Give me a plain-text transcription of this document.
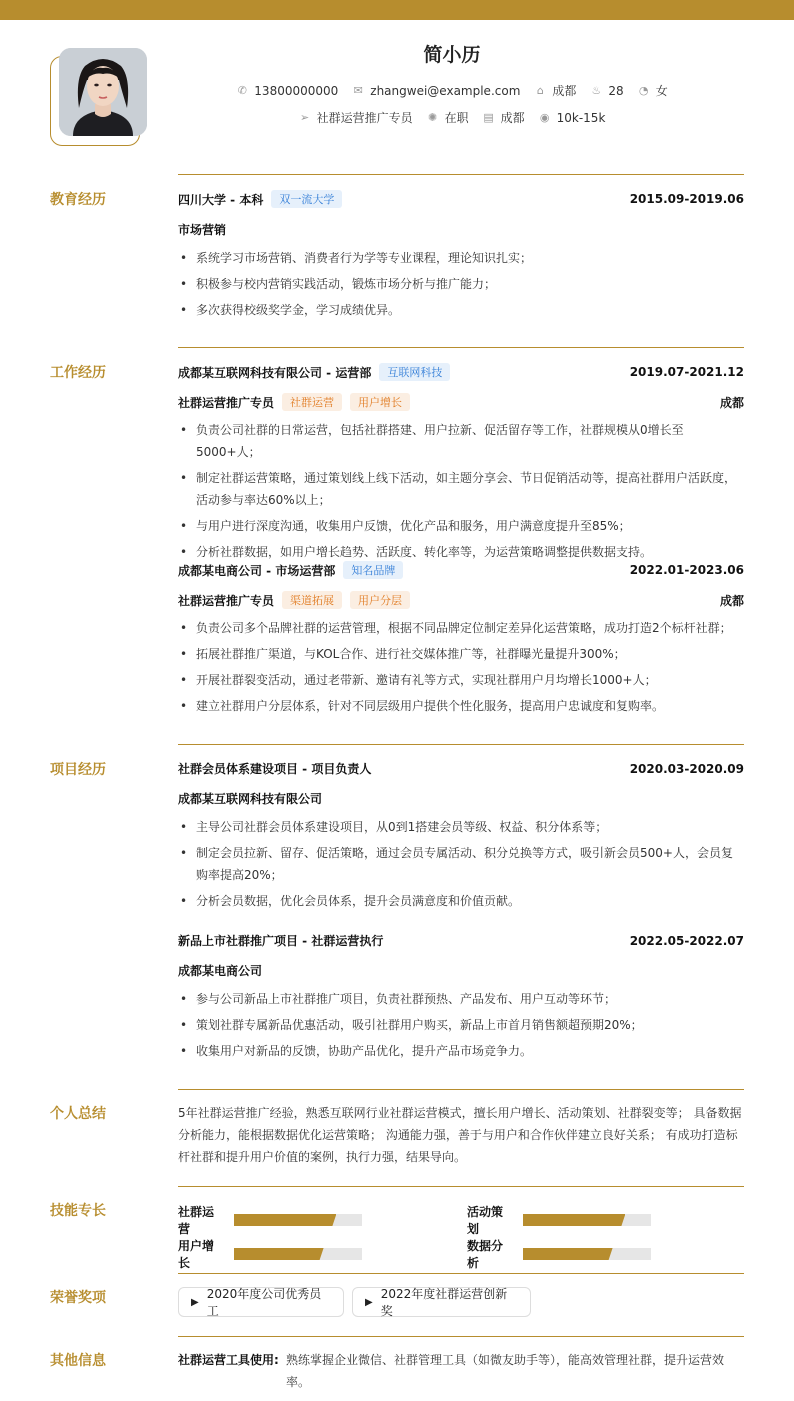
简小历
✆ 13800000000 ✉ zhangwei@example.com ⌂ 成都 ♨ 28 ◔ 女
➢ 社群运营推广专员 ✺ 在职 ▤ 成都 ◉ 10k-15k
教育经历	四川大学 - 本科	双一流大学	2015.09-2019.06
市场营销
• 系统学习市场营销、消费者行为学等专业课程，理论知识扎实；
• 积极参与校内营销实践活动，锻炼市场分析与推广能力；
• 多次获得校级奖学金，学习成绩优异。
工作经历	成都某互联网科技有限公司 - 运营部	互联网科技	2019.07-2021.12
社群运营推广专员	社群运营	用户增长	成都
• 负责公司社群的日常运营，包括社群搭建、用户拉新、促活留存等工作，社群规模从0增长至5000+人；
• 制定社群运营策略，通过策划线上线下活动，如主题分享会、节日促销活动等，提高社群用户活跃度，活动参与率达60%以上；
• 与用户进行深度沟通，收集用户反馈，优化产品和服务，用户满意度提升至85%；
• 分析社群数据，如用户增长趋势、活跃度、转化率等，为运营策略调整提供数据支持。
成都某电商公司 - 市场运营部	知名品牌	2022.01-2023.06
社群运营推广专员	渠道拓展	用户分层	成都
• 负责公司多个品牌社群的运营管理，根据不同品牌定位制定差异化运营策略，成功打造2个标杆社群；
• 拓展社群推广渠道，与KOL合作、进行社交媒体推广等，社群曝光量提升300%；
• 开展社群裂变活动，通过老带新、邀请有礼等方式，实现社群用户月均增长1000+人；
• 建立社群用户分层体系，针对不同层级用户提供个性化服务，提高用户忠诚度和复购率。
项目经历	社群会员体系建设项目 - 项目负责人	2020.03-2020.09
成都某互联网科技有限公司
• 主导公司社群会员体系建设项目，从0到1搭建会员等级、权益、积分体系等；
• 制定会员拉新、留存、促活策略，通过会员专属活动、积分兑换等方式，吸引新会员500+人，会员复购率提高20%；
• 分析会员数据，优化会员体系，提升会员满意度和价值贡献。
新品上市社群推广项目 - 社群运营执行	2022.05-2022.07
成都某电商公司
• 参与公司新品上市社群推广项目，负责社群预热、产品发布、用户互动等环节；
• 策划社群专属新品优惠活动，吸引社群用户购买，新品上市首月销售额超预期20%；
• 收集用户对新品的反馈，协助产品优化，提升产品市场竞争力。
个人总结	5年社群运营推广经验，熟悉互联网行业社群运营模式，擅长用户增长、活动策划、社群裂变等； 具备数据分析能力，能根据数据优化运营策略； 沟通能力强，善于与用户和合作伙伴建立良好关系； 有成功打造标杆社群和提升用户价值的案例，执行力强，结果导向。
技能专长	社群运营
活动策划
用户增长
数据分析
荣誉奖项	▶
2020年度公司优秀员工
▶
2022年度社群运营创新奖
其他信息	社群运营工具使用: 熟练掌握企业微信、社群管理工具（如微友助手等），能高效管理社群，提升运营效率。
